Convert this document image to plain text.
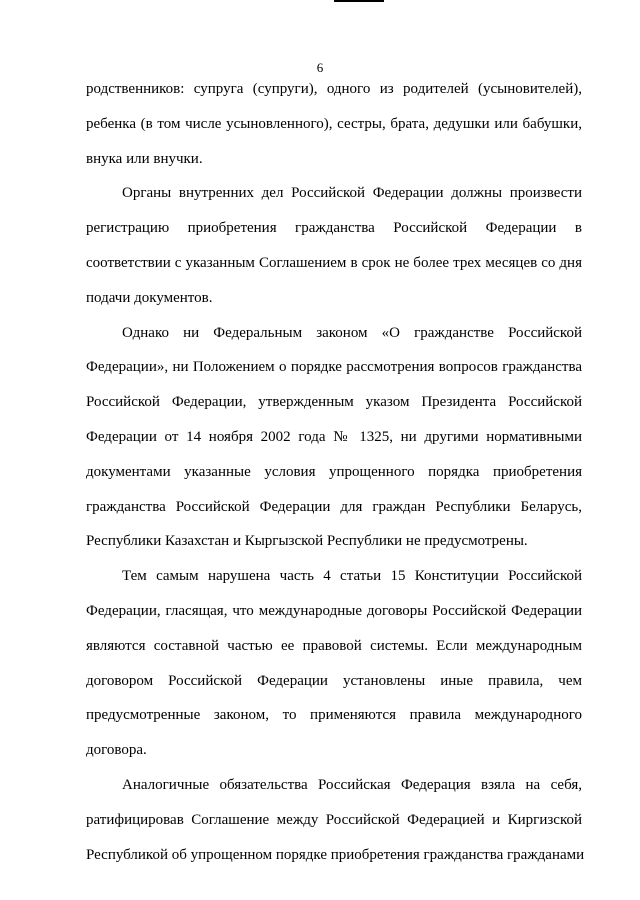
6

родственников: супруга (супруги), одного из родителей (усыновителей),
ребенка (в том числе усыновленного), сестры, брата, дедушки или бабушки,
внука или внучки.

Органы внутренних дел Российской Федерации должны произвести
регистрацию приобретения гражданства Российской Федерации в
соответствии с указанным Соглашением в срок не более трех месяцев со дня
подачи документов.

Однако ни Федеральным законом «О гражданстве Российской
Федерации», ни Положением о порядке рассмотрения вопросов гражданства
Российской Федерации, утвержденным указом Президента Российской
Федерации от 14 ноября 2002 года № 1325, ни другими нормативными
документами указанные условия упрощенного порядка приобретения
гражданства Российской Федерации для граждан Республики Беларусь,
Республики Казахстан и Кыргызской Республики не предусмотрены.

Тем самым нарушена часть 4 статьи 15 Конституции Российской
Федерации, гласящая, что международные договоры Российской Федерации
являются составной частью ее правовой системы. Если международным
договором Российской Федерации установлены иные правила, чем
предусмотренные законом, то применяются правила международного
договора.

Аналогичные обязательства Российская Федерация взяла на себя,
ратифицировав Соглашение между Российской Федерацией и Киргизской
Республикой об упрощенном порядке приобретения гражданства гражданами
